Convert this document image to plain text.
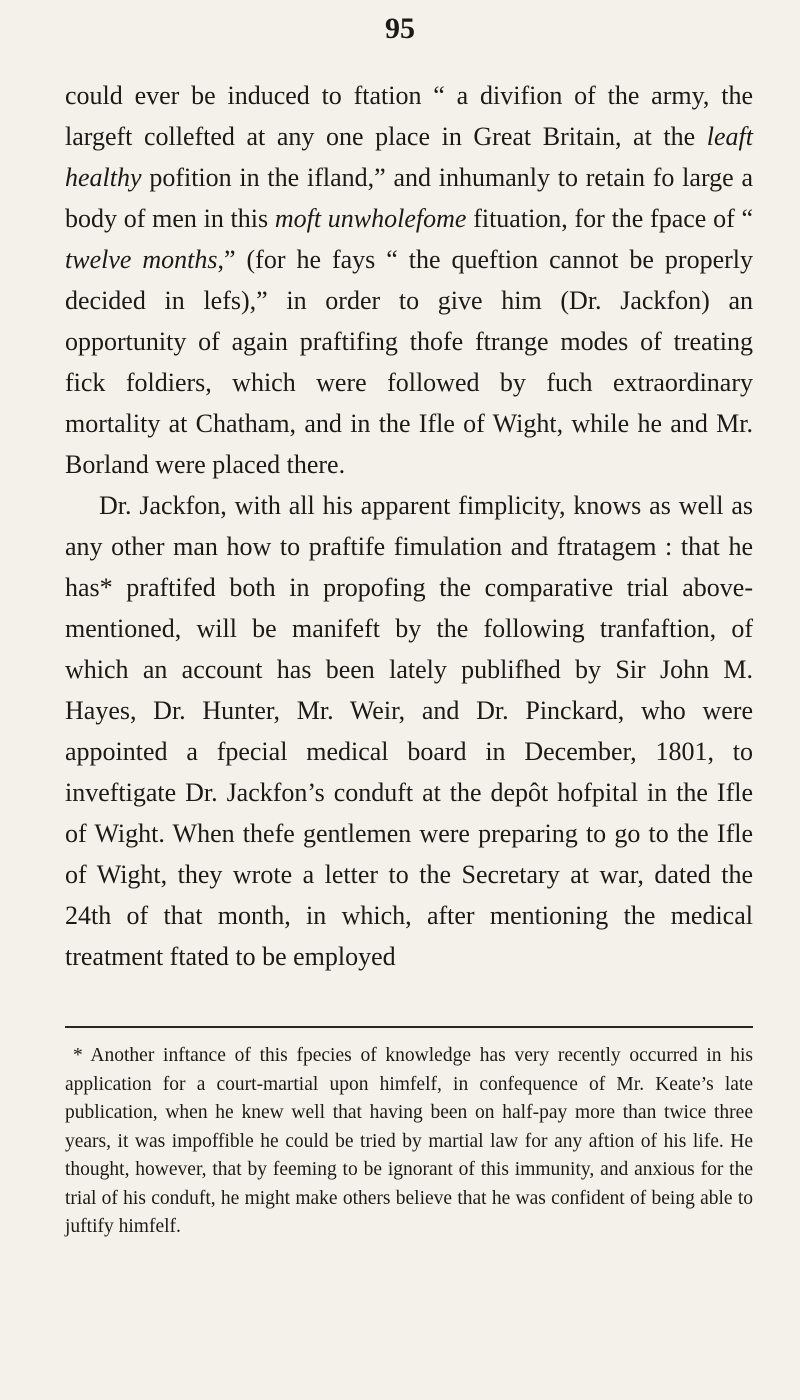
95

could ever be induced to ftation “ a divifion of the army, the largeft collefted at any one place in Great Britain, at the leaft healthy pofition in the ifland,” and inhumanly to retain fo large a body of men in this moft unwholefome fituation, for the fpace of “ twelve months,” (for he fays “ the queftion cannot be properly decided in lefs),” in order to give him (Dr. Jackfon) an opportunity of again praftifing thofe ftrange modes of treating fick foldiers, which were followed by fuch extraordinary mortality at Chatham, and in the Ifle of Wight, while he and Mr. Borland were placed there.

Dr. Jackfon, with all his apparent fimplicity, knows as well as any other man how to praftife fimulation and ftratagem : that he has* praftifed both in propofing the comparative trial above-mentioned, will be manifeft by the following tranfaftion, of which an account has been lately publifhed by Sir John M. Hayes, Dr. Hunter, Mr. Weir, and Dr. Pinckard, who were appointed a fpecial medical board in December, 1801, to inveftigate Dr. Jackfon’s conduft at the depôt hofpital in the Ifle of Wight. When thefe gentlemen were preparing to go to the Ifle of Wight, they wrote a letter to the Secretary at war, dated the 24th of that month, in which, after mentioning the medical treatment ftated to be employed

* Another inftance of this fpecies of knowledge has very recently occurred in his application for a court-martial upon himfelf, in confequence of Mr. Keate’s late publication, when he knew well that having been on half-pay more than twice three years, it was impoffible he could be tried by martial law for any aftion of his life. He thought, however, that by feeming to be ignorant of this immunity, and anxious for the trial of his conduft, he might make others believe that he was confident of being able to juftify himfelf.
